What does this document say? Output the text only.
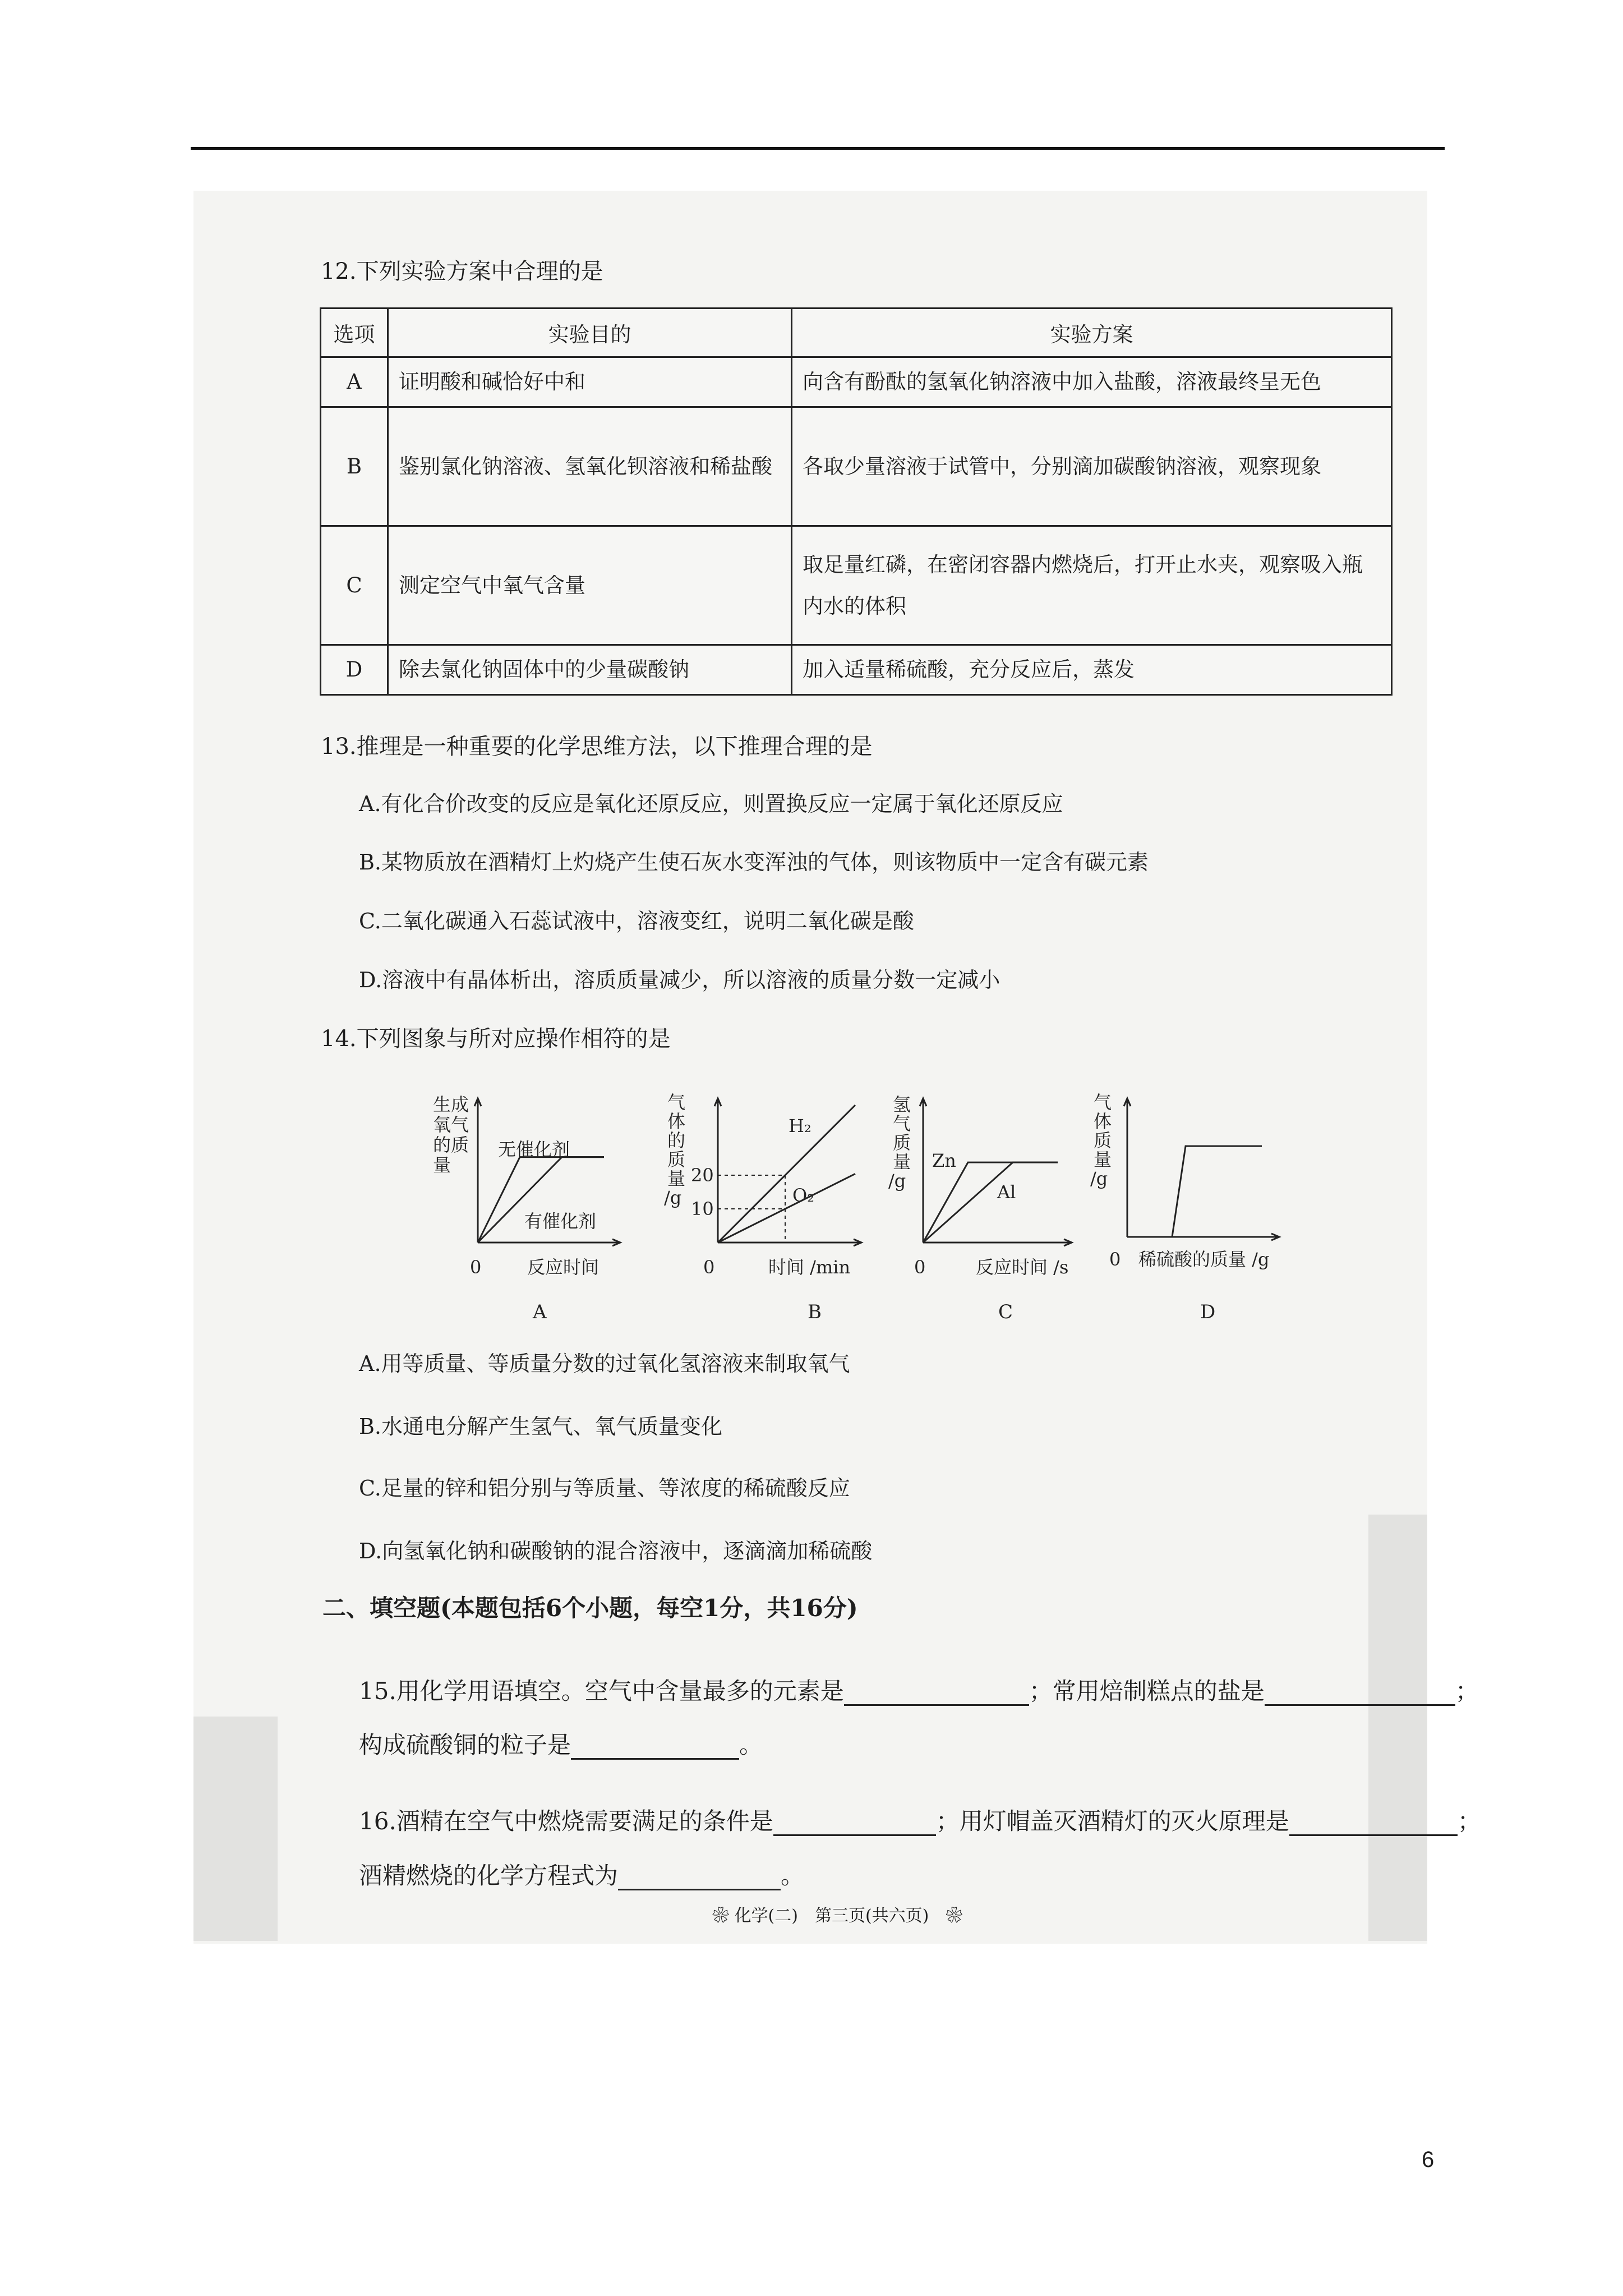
12.下列实验方案中合理的是
选项	实验目的	实验方案
A	证明酸和碱恰好中和	向含有酚酞的氢氧化钠溶液中加入盐酸，溶液最终呈无色
B	鉴别氯化钠溶液、氢氧化钡溶液和稀盐酸	各取少量溶液于试管中，分别滴加碳酸钠溶液，观察现象
C	测定空气中氧气含量	取足量红磷，在密闭容器内燃烧后，打开止水夹，观察吸入瓶内水的体积
D	除去氯化钠固体中的少量碳酸钠	加入适量稀硫酸，充分反应后，蒸发
13.推理是一种重要的化学思维方法，以下推理合理的是
A.有化合价改变的反应是氧化还原反应，则置换反应一定属于氧化还原反应
B.某物质放在酒精灯上灼烧产生使石灰水变浑浊的气体，则该物质中一定含有碳元素
C.二氧化碳通入石蕊试液中，溶液变红，说明二氧化碳是酸
D.溶液中有晶体析出，溶质质量减少，所以溶液的质量分数一定减小
14.下列图象与所对应操作相符的是
生成
氧气
的质
量
无催化剂
有催化剂
0	反应时间
A
气
体
的
质
量
/g
20
10
H₂
O₂
0	时间 /min
B
氢
气
质
量
/g
Zn
Al
0	反应时间 /s
C
气
体
质
量
/g
0 稀硫酸的质量 /g
D
A.用等质量、等质量分数的过氧化氢溶液来制取氧气
B.水通电分解产生氢气、氧气质量变化
C.足量的锌和铝分别与等质量、等浓度的稀硫酸反应
D.向氢氧化钠和碳酸钠的混合溶液中，逐滴滴加稀硫酸
二、填空题(本题包括6个小题，每空1分，共16分)
15.用化学用语填空。空气中含量最多的元素是	；常用焙制糕点的盐是	；
构成硫酸铜的粒子是	。
16.酒精在空气中燃烧需要满足的条件是	；用灯帽盖灭酒精灯的灭火原理是	；
酒精燃烧的化学方程式为	。
❀ 化学(二)　第三页(共六页)　❀
6
